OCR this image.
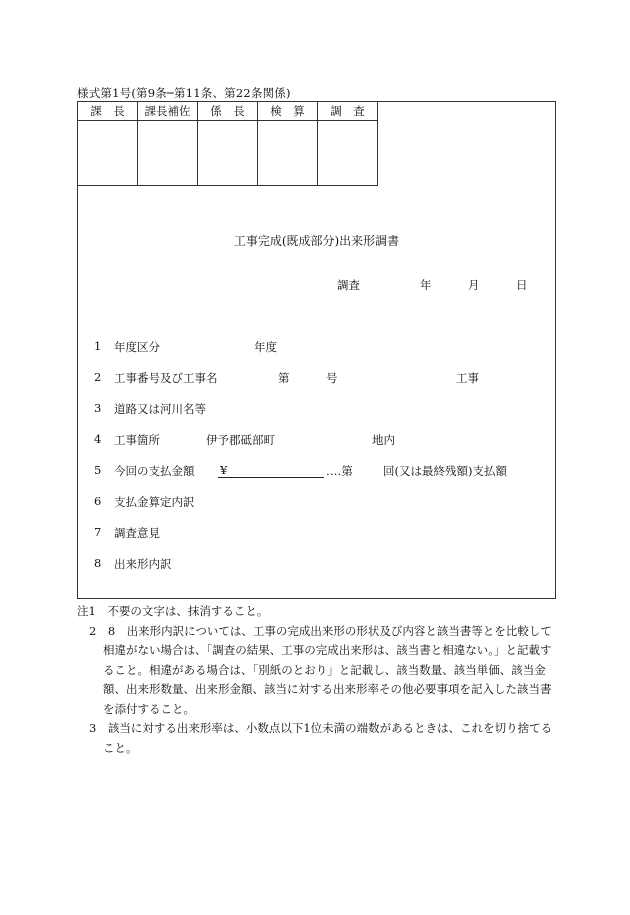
様式第1号(第9条─第11条、第22条関係)
課　長	課長補佐	係　長	検　算	調　査

工事完成(既成部分)出来形調書
調査	年	月	日
1 年度区分	年度
2 工事番号及び工事名	第	号	工事
3 道路又は河川名等
4 工事箇所	伊予郡砥部町	地内
5 今回の支払金額 ¥	‥‥第	回(又は最終残額)支払額
6 支払金算定内訳
7 調査意見
8 出来形内訳
注1　不要の文字は、抹消すること。
2　8　出来形内訳については、工事の完成出来形の形状及び内容と該当書等とを比較して相違がない場合は、「調査の結果、工事の完成出来形は、該当書と相違ない。」と記載すること。相違がある場合は、「別紙のとおり」と記載し、該当数量、該当単価、該当金額、出来形数量、出来形金額、該当に対する出来形率その他必要事項を記入した該当書を添付すること。
3　該当に対する出来形率は、小数点以下1位未満の端数があるときは、これを切り捨てること。
